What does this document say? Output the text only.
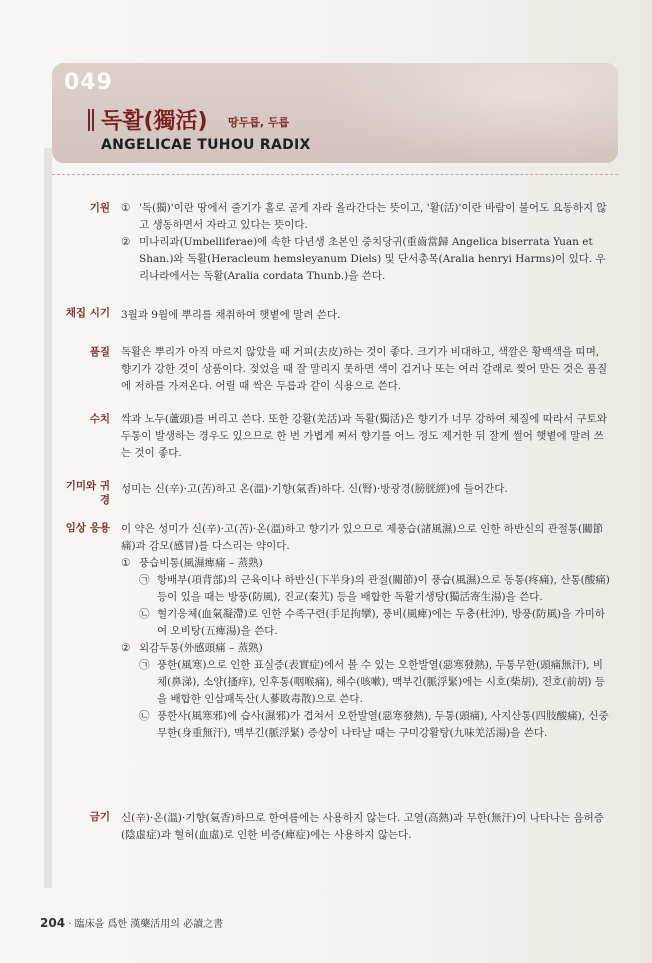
049
독활(獨活) 땅두릅, 두릅
ANGELICAE TUHOU RADIX
기원 ① '독(獨)'이란 땅에서 줄기가 홀로 곧게 자라 올라간다는 뜻이고, '활(活)'이란 바람이 불어도 요동하지 않고 생동하면서 자라고 있다는 뜻이다.

② 미나리과(Umbelliferae)에 속한 다년생 초본인 중치당귀(重齒當歸 Angelica biserrata Yuan et Shan.)와 독활(Heracleum hemsleyanum Diels) 및 단서총목(Aralia henryi Harms)이 있다. 우리나라에서는 독활(Aralia cordata Thunb.)을 쓴다.

채집 시기 3월과 9월에 뿌리를 채취하여 햇볕에 말려 쓴다.

품질 독활은 뿌리가 아직 마르지 않았을 때 거피(去皮)하는 것이 좋다. 크기가 비대하고, 색깔은 황백색을 띠며, 향기가 강한 것이 상품이다. 젖었을 때 잘 말리지 못하면 색이 검거나 또는 여러 갈래로 찢어 만든 것은 품질에 저하를 가져온다. 어릴 때 싹은 두릅과 같이 식용으로 쓴다.

수치 싹과 노두(蘆頭)를 버리고 쓴다. 또한 강활(羌活)과 독활(獨活)은 향기가 너무 강하여 체질에 따라서 구토와 두통이 발생하는 경우도 있으므로 한 번 가볍게 쪄서 향기를 어느 정도 제거한 뒤 잘게 썰어 햇볕에 말려 쓰는 것이 좋다.

기미와 귀경

성미는 신(辛)·고(苦)하고 온(溫)·기향(氣香)하다. 신(腎)·방광경(膀胱經)에 들어간다.

임상 응용 이 약은 성미가 신(辛)·고(苦)·온(溫)하고 향기가 있으므로 제풍습(諸風濕)으로 인한 하반신의 관절통(關節痛)과 감모(感冒)를 다스리는 약이다.

① 풍습비통(風濕痺痛 – 蒸熟)

㉠ 항배부(項背部)의 근육이나 하반신(下半身)의 관절(關節)이 풍습(風濕)으로 동통(疼痛), 산통(酸痛) 등이 있을 때는 방풍(防風), 진교(秦艽) 등을 배합한 독활기생탕(獨活寄生湯)을 쓴다.

㉡ 혈기응체(血氣凝滯)로 인한 수족구련(手足拘攣), 풍비(風痺)에는 두충(杜沖), 방풍(防風)을 가미하여 오비탕(五痺湯)을 쓴다.

② 외감두통(外感頭痛 – 蒸熟)

㉠ 풍한(風寒)으로 인한 표실증(表實症)에서 볼 수 있는 오한발열(惡寒發熱), 두통무한(頭痛無汗), 비체(鼻涕), 소양(搔痒), 인후통(咽喉痛), 해수(咳嗽), 맥부긴(脈浮緊)에는 시호(柴胡), 전호(前胡) 등을 배합한 인삼패독산(人蔘敗毒散)으로 쓴다.

㉡ 풍한사(風寒邪)에 습사(濕邪)가 겹쳐서 오한발열(惡寒發熱), 두통(頭痛), 사지산통(四肢酸痛), 신중무한(身重無汗), 맥부긴(脈浮緊) 증상이 나타날 때는 구미강활탕(九味羌活湯)을 쓴다.

금기 신(辛)·온(溫)·기향(氣香)하므로 한여름에는 사용하지 않는다. 고열(高熱)과 무한(無汗)이 나타나는 음허증(陰虛症)과 혈허(血虛)로 인한 비증(痺症)에는 사용하지 않는다.

204 · 臨床을 爲한 漢藥活用의 必讀之書
